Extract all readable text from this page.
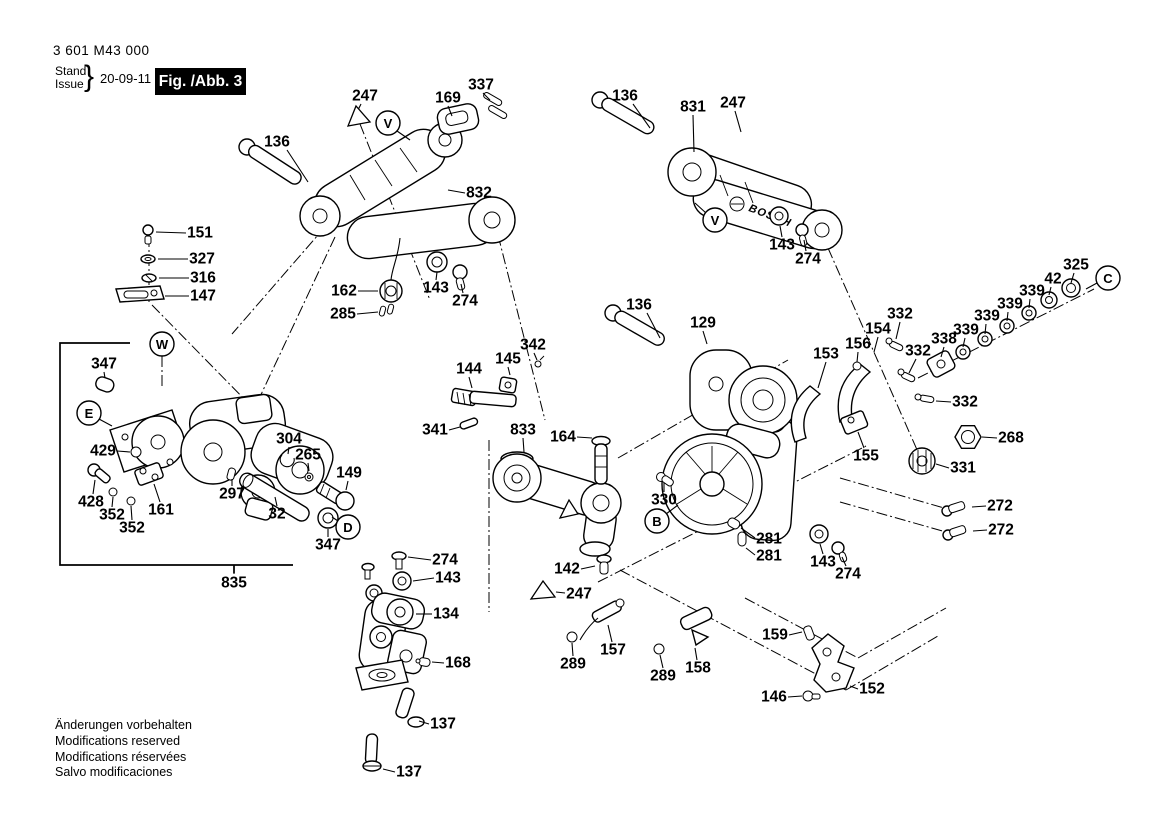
3 601 M43 000
Stand
Issue } 20-09-11 Fig. /Abb. 3
136
247	169
337
832
151
327
316
147	162
285
143
274
136
831 247
143
274
136
129
342
145
144
341	833 164
153
156
154
332
332
338
339
339
339
339
42
325
332
268
331
155
330
281
281 143
274
272
272
142
247
289
157
289 158
159
146	152
347
429
428
352
352
161
297
304
265
32
149
347
835
274
143
134
168
137
137
V
V
W
E
D	B
C
Änderungen vorbehalten
Modifications reserved
Modifications réservées
Salvo modificaciones
